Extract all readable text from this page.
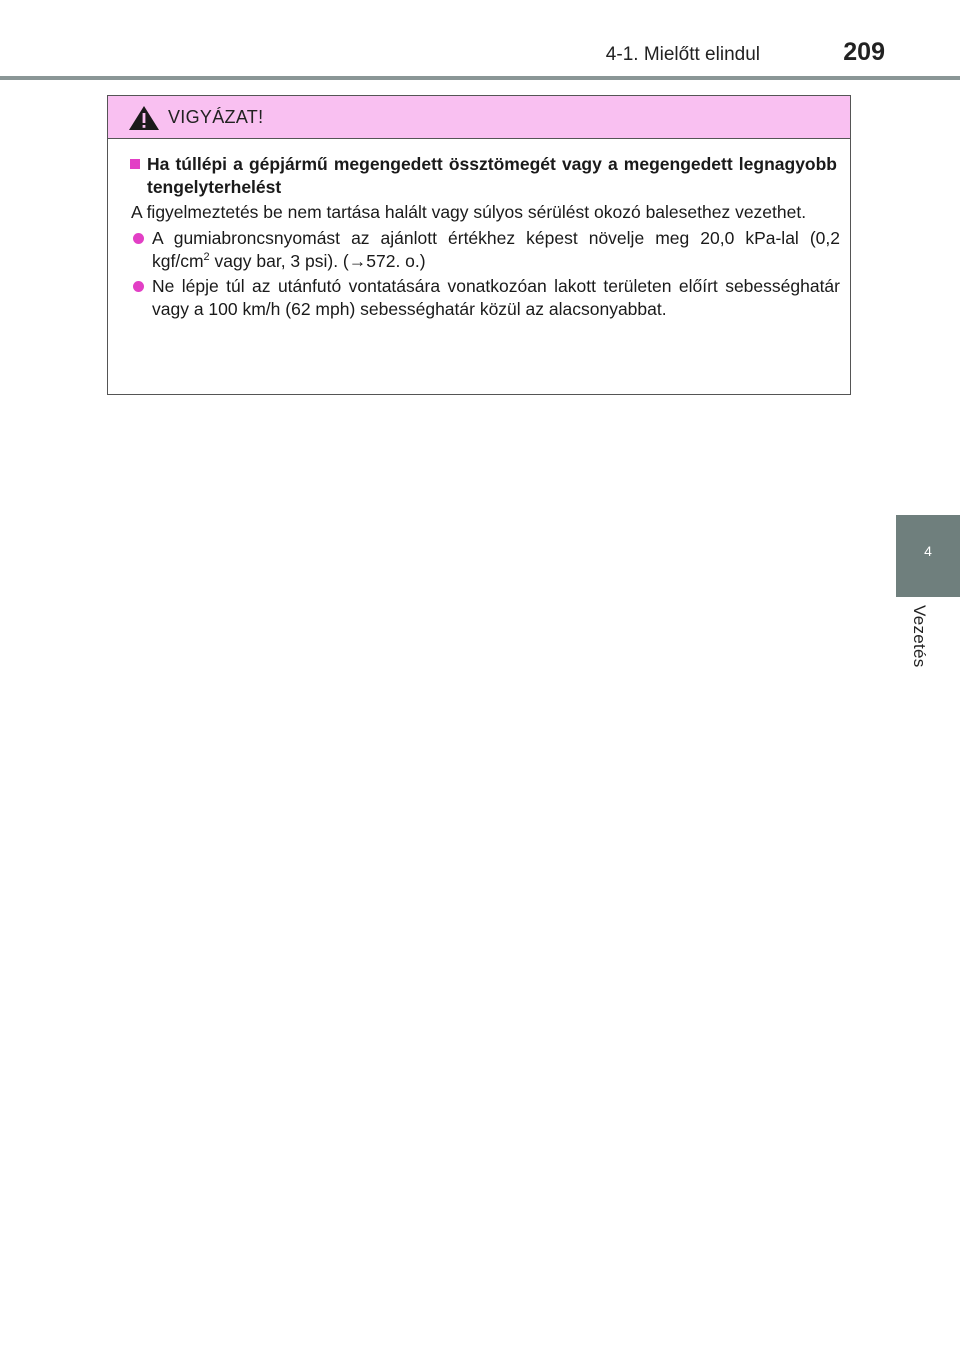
4-1. Mielőtt elindul	209
4
Vezetés
VIGYÁZAT!
Ha túllépi a gépjármű megengedett össztömegét vagy a megengedett legnagyobb tengelyterhelést
A figyelmeztetés be nem tartása halált vagy súlyos sérülést okozó balesethez vezethet.
A gumiabroncsnyomást az ajánlott értékhez képest növelje meg 20,0 kPa-lal (0,2 kgf/$cm^2$ vagy bar, 3 psi). (→572. o.)
Ne lépje túl az utánfutó vontatására vonatkozóan lakott területen előírt sebességhatár vagy a 100 km/h (62 mph) sebességhatár közül az alacsonyabbat.
